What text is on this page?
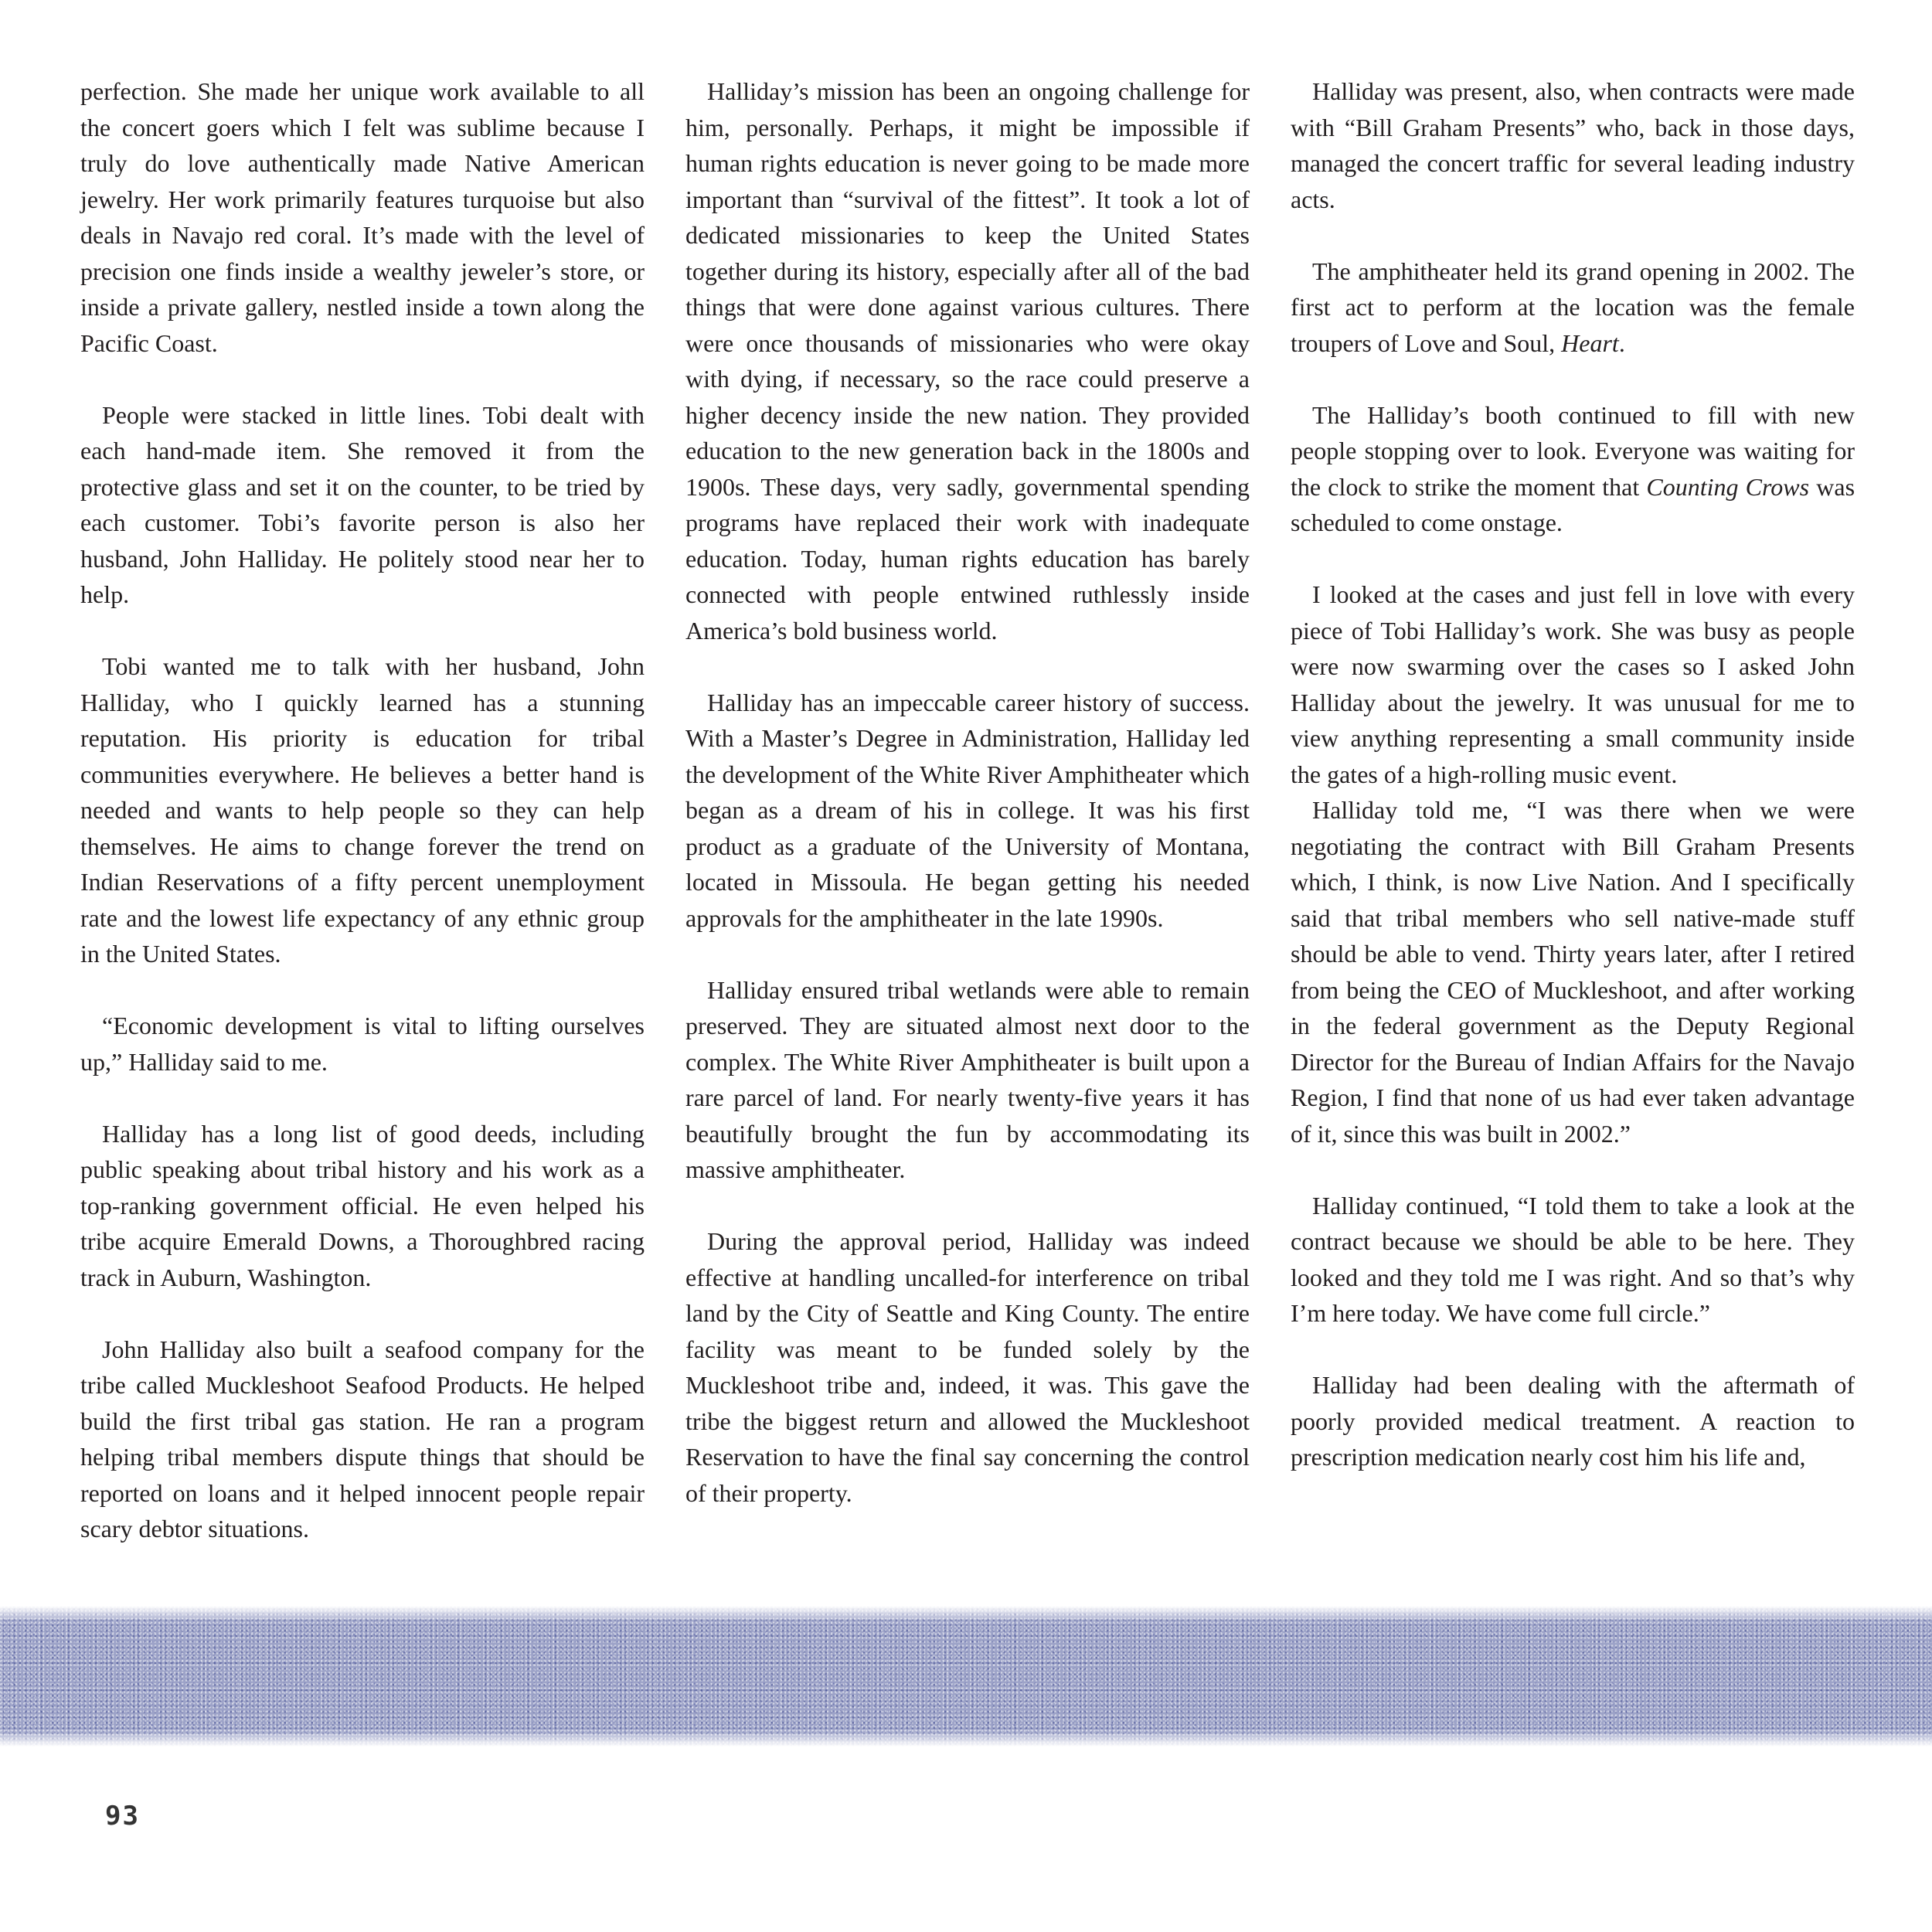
perfection. She made her unique work available to all the concert goers which I felt was sublime because I truly do love authentically made Native American jewelry. Her work primarily features turquoise but also deals in Navajo red coral. It’s made with the level of precision one finds inside a wealthy jeweler’s store, or inside a private gallery, nestled inside a town along the Pacific Coast.

People were stacked in little lines. Tobi dealt with each hand-made item. She removed it from the protective glass and set it on the counter, to be tried by each customer. Tobi’s favorite person is also her husband, John Halliday. He politely stood near her to help.

Tobi wanted me to talk with her husband, John Halliday, who I quickly learned has a stunning reputation. His priority is education for tribal communities everywhere. He believes a better hand is needed and wants to help people so they can help themselves. He aims to change forever the trend on Indian Reservations of a fifty percent unemployment rate and the lowest life expectancy of any ethnic group in the United States.

“Economic development is vital to lifting ourselves up,” Halliday said to me.

Halliday has a long list of good deeds, including public speaking about tribal history and his work as a top-ranking government official. He even helped his tribe acquire Emerald Downs, a Thoroughbred racing track in Auburn, Washington.

John Halliday also built a seafood company for the tribe called Muckleshoot Seafood Products. He helped build the first tribal gas station. He ran a program helping tribal members dispute things that should be reported on loans and it helped innocent people repair scary debtor situations.

Halliday’s mission has been an ongoing challenge for him, personally. Perhaps, it might be impossible if human rights education is never going to be made more important than “survival of the fittest”. It took a lot of dedicated missionaries to keep the United States together during its history, especially after all of the bad things that were done against various cultures. There were once thousands of missionaries who were okay with dying, if necessary, so the race could preserve a higher decency inside the new nation. They provided education to the new generation back in the 1800s and 1900s. These days, very sadly, governmental spending programs have replaced their work with inadequate education. Today, human rights education has barely connected with people entwined ruthlessly inside America’s bold business world.

Halliday has an impeccable career history of success. With a Master’s Degree in Administration, Halliday led the development of the White River Amphitheater which began as a dream of his in college. It was his first product as a graduate of the University of Montana, located in Missoula. He began getting his needed approvals for the amphitheater in the late 1990s.

Halliday ensured tribal wetlands were able to remain preserved. They are situated almost next door to the complex. The White River Amphitheater is built upon a rare parcel of land. For nearly twenty-five years it has beautifully brought the fun by accommodating its massive amphitheater.

During the approval period, Halliday was indeed effective at handling uncalled-for interference on tribal land by the City of Seattle and King County. The entire facility was meant to be funded solely by the Muckleshoot tribe and, indeed, it was. This gave the tribe the biggest return and allowed the Muckleshoot Reservation to have the final say concerning the control of their property.

Halliday was present, also, when contracts were made with “Bill Graham Presents” who, back in those days, managed the concert traffic for several leading industry acts.

The amphitheater held its grand opening in 2002. The first act to perform at the location was the female troupers of Love and Soul, Heart.

The Halliday’s booth continued to fill with new people stopping over to look. Everyone was waiting for the clock to strike the moment that Counting Crows was scheduled to come onstage.

I looked at the cases and just fell in love with every piece of Tobi Halliday’s work. She was busy as people were now swarming over the cases so I asked John Halliday about the jewelry. It was unusual for me to view anything representing a small community inside the gates of a high-rolling music event.

Halliday told me, “I was there when we were negotiating the contract with Bill Graham Presents which, I think, is now Live Nation. And I specifically said that tribal members who sell native-made stuff should be able to vend. Thirty years later, after I retired from being the CEO of Muckleshoot, and after working in the federal government as the Deputy Regional Director for the Bureau of Indian Affairs for the Navajo Region, I find that none of us had ever taken advantage of it, since this was built in 2002.”

Halliday continued, “I told them to take a look at the contract because we should be able to be here. They looked and they told me I was right. And so that’s why I’m here today. We have come full circle.”

Halliday had been dealing with the aftermath of poorly provided medical treatment. A reaction to prescription medication nearly cost him his life and,

93
